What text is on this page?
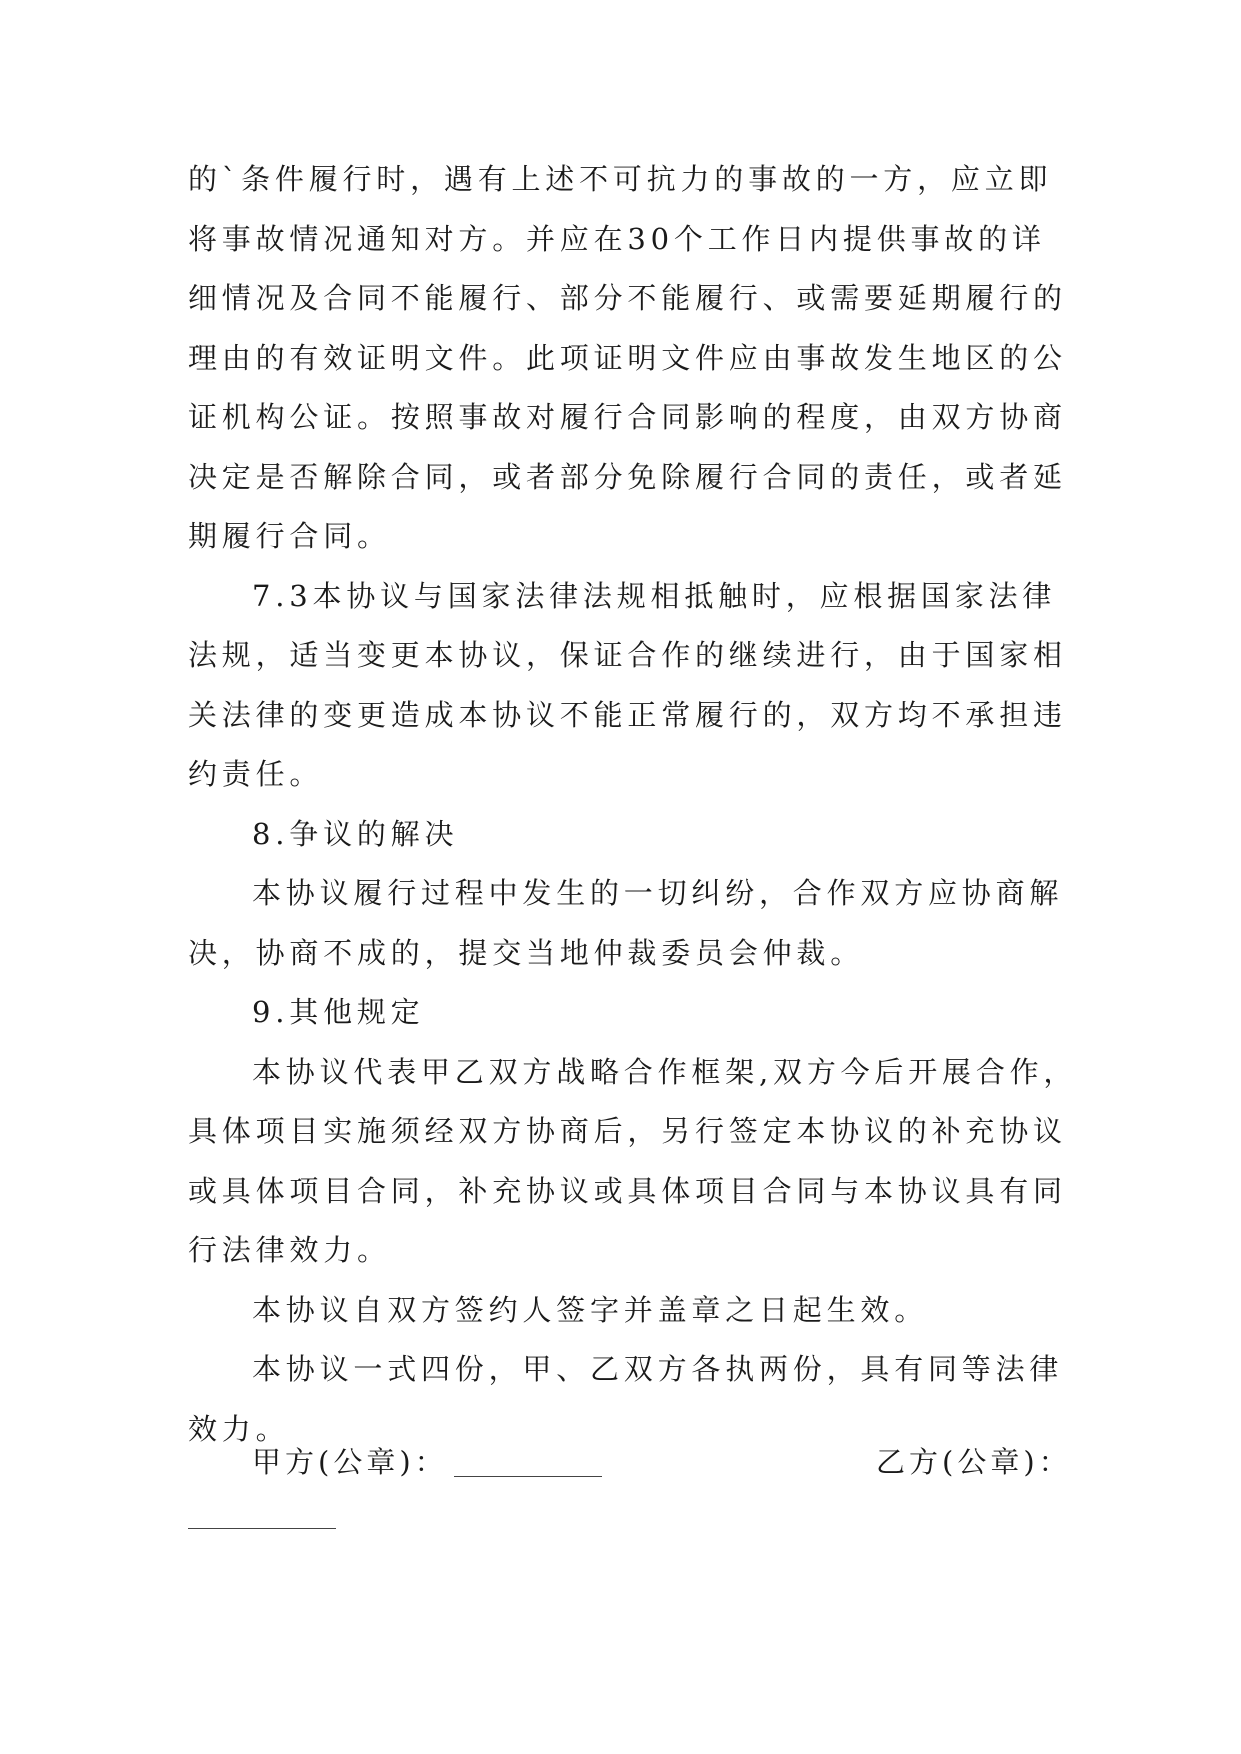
的`条件履行时，遇有上述不可抗力的事故的一方，应立即
将事故情况通知对方。并应在30个工作日内提供事故的详
细情况及合同不能履行、部分不能履行、或需要延期履行的
理由的有效证明文件。此项证明文件应由事故发生地区的公
证机构公证。按照事故对履行合同影响的程度，由双方协商
决定是否解除合同，或者部分免除履行合同的责任，或者延
期履行合同。
7.3本协议与国家法律法规相抵触时，应根据国家法律
法规，适当变更本协议，保证合作的继续进行，由于国家相
关法律的变更造成本协议不能正常履行的，双方均不承担违
约责任。
8.争议的解决
本协议履行过程中发生的一切纠纷，合作双方应协商解
决，协商不成的，提交当地仲裁委员会仲裁。
9.其他规定
本协议代表甲乙双方战略合作框架,双方今后开展合作，
具体项目实施须经双方协商后，另行签定本协议的补充协议
或具体项目合同，补充协议或具体项目合同与本协议具有同
行法律效力。
本协议自双方签约人签字并盖章之日起生效。
本协议一式四份，甲、乙双方各执两份，具有同等法律
效力。
甲方(公章)：	乙方(公章)：
